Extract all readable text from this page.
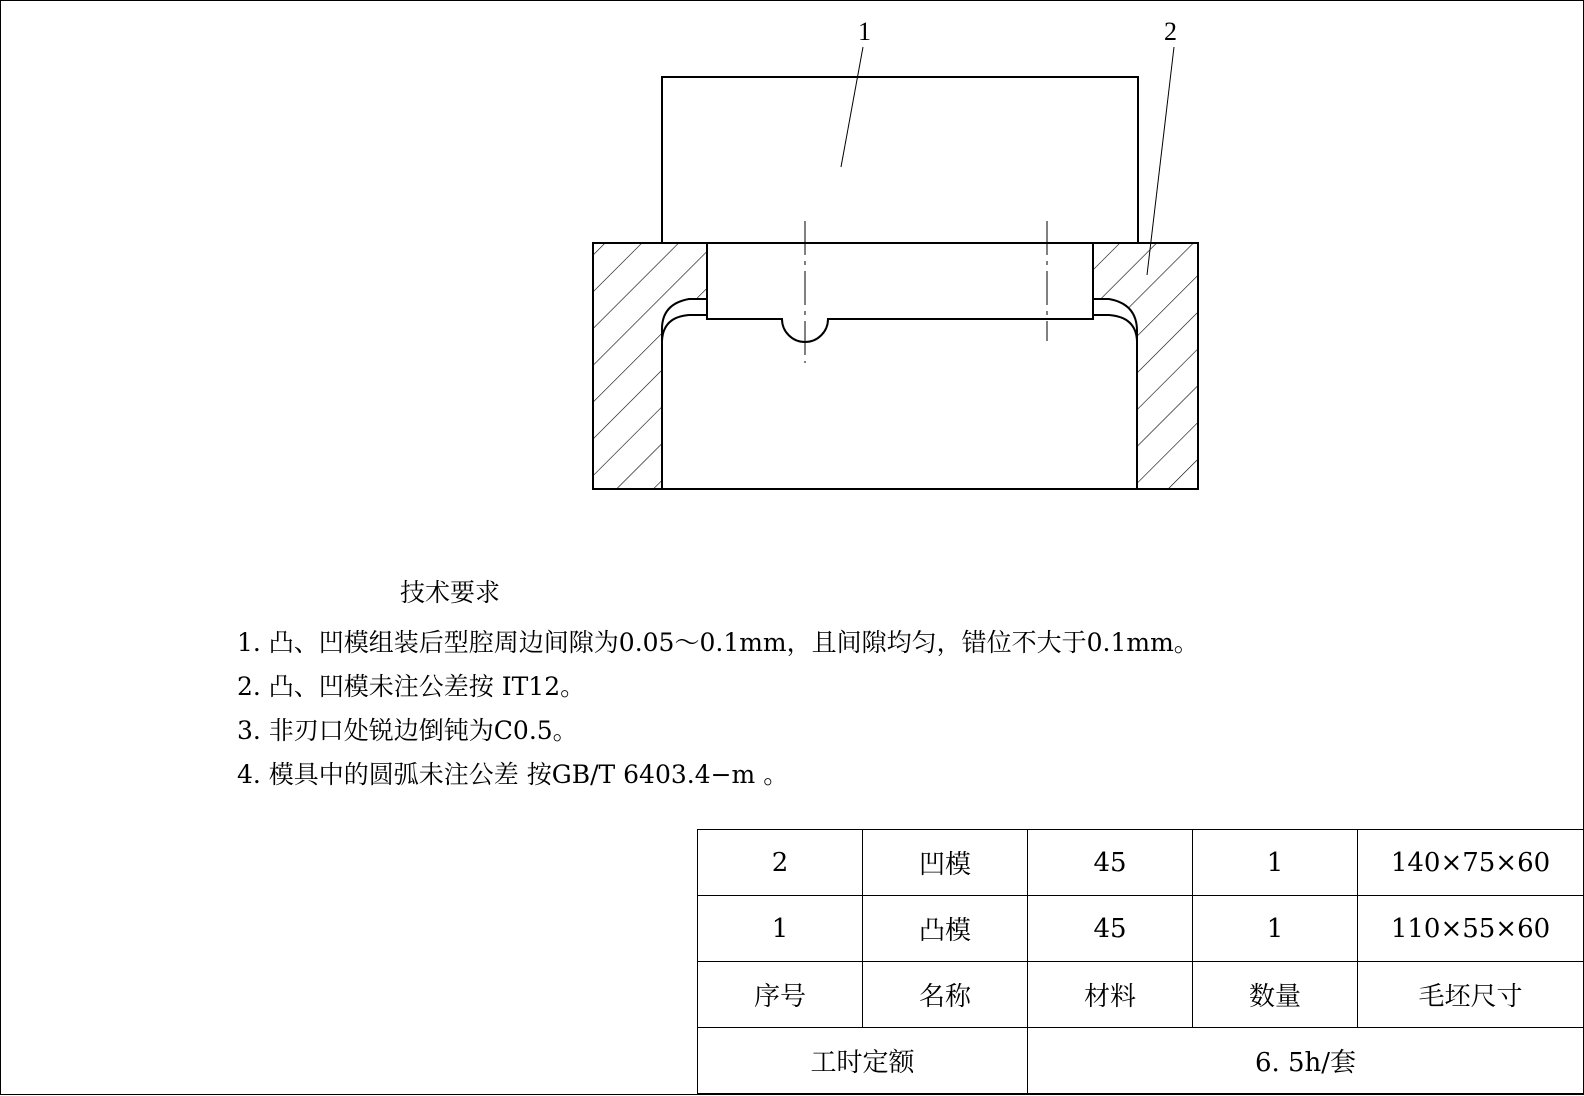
1	2
技术要求
1. 凸、凹模组装后型腔周边间隙为0.05～0.1mm，且间隙均匀，错位不大于0.1mm。
2. 凸、凹模未注公差按 IT12。
3. 非刃口处锐边倒钝为C0.5。
4. 模具中的圆弧未注公差 按GB/T 6403.4−m 。
2	凹模	45	1	140×75×60
1	凸模	45	1	110×55×60
序号	名称	材料	数量	毛坯尺寸
工时定额		6. 5h/套		
